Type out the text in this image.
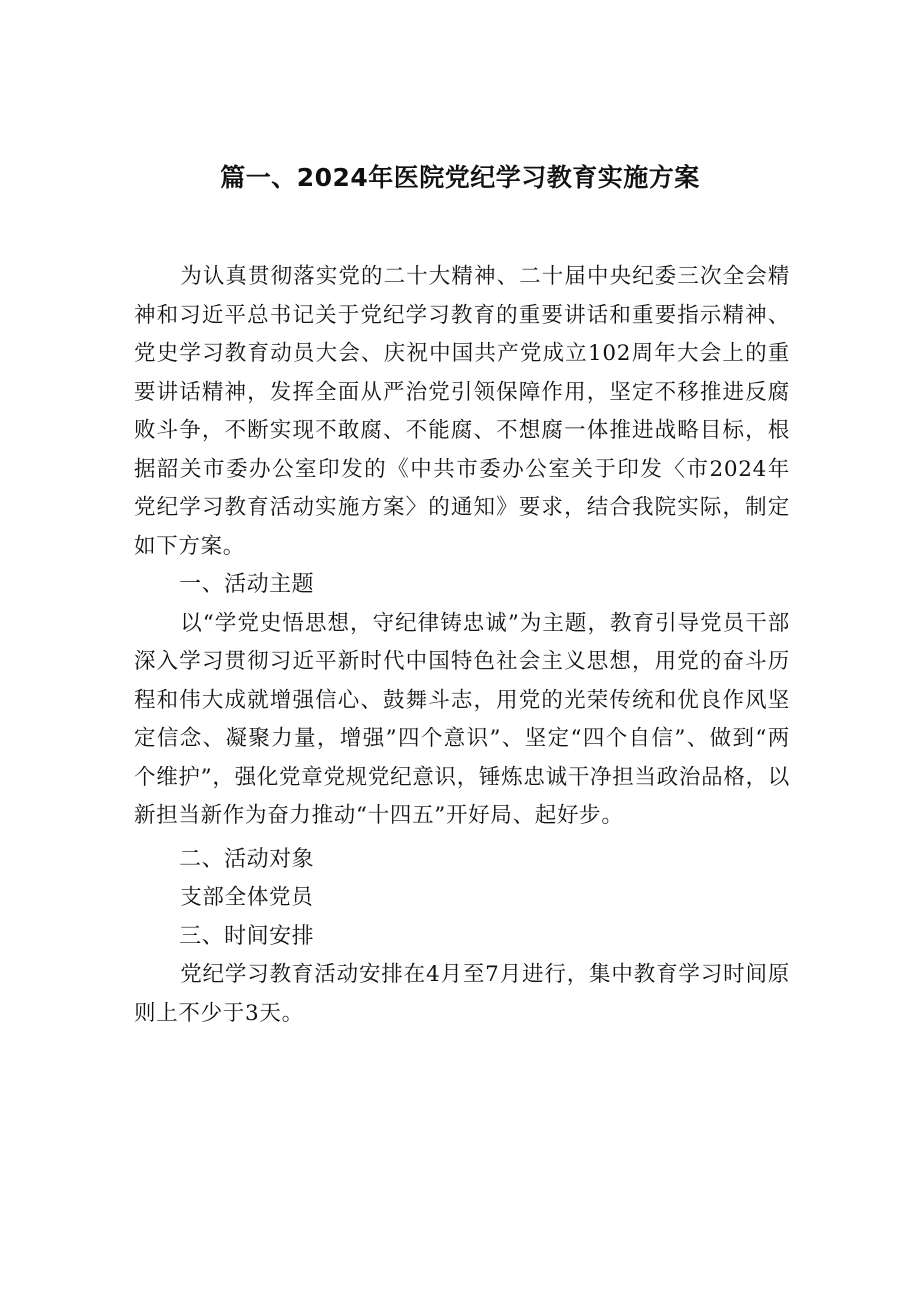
篇一、2024年医院党纪学习教育实施方案

为认真贯彻落实党的二十大精神、二十届中央纪委三次全会精神和习近平总书记关于党纪学习教育的重要讲话和重要指示精神、党史学习教育动员大会、庆祝中国共产党成立102周年大会上的重要讲话精神，发挥全面从严治党引领保障作用，坚定不移推进反腐败斗争，不断实现不敢腐、不能腐、不想腐一体推进战略目标，根据韶关市委办公室印发的《中共市委办公室关于印发〈市2024年党纪学习教育活动实施方案〉的通知》要求，结合我院实际，制定如下方案。

一、活动主题

以“学党史悟思想，守纪律铸忠诚”为主题，教育引导党员干部深入学习贯彻习近平新时代中国特色社会主义思想，用党的奋斗历程和伟大成就增强信心、鼓舞斗志，用党的光荣传统和优良作风坚定信念、凝聚力量，增强”四个意识”、坚定“四个自信”、做到“两个维护”，强化党章党规党纪意识，锤炼忠诚干净担当政治品格，以新担当新作为奋力推动“十四五”开好局、起好步。

二、活动对象

支部全体党员

三、时间安排

党纪学习教育活动安排在4月至7月进行，集中教育学习时间原则上不少于3天。
